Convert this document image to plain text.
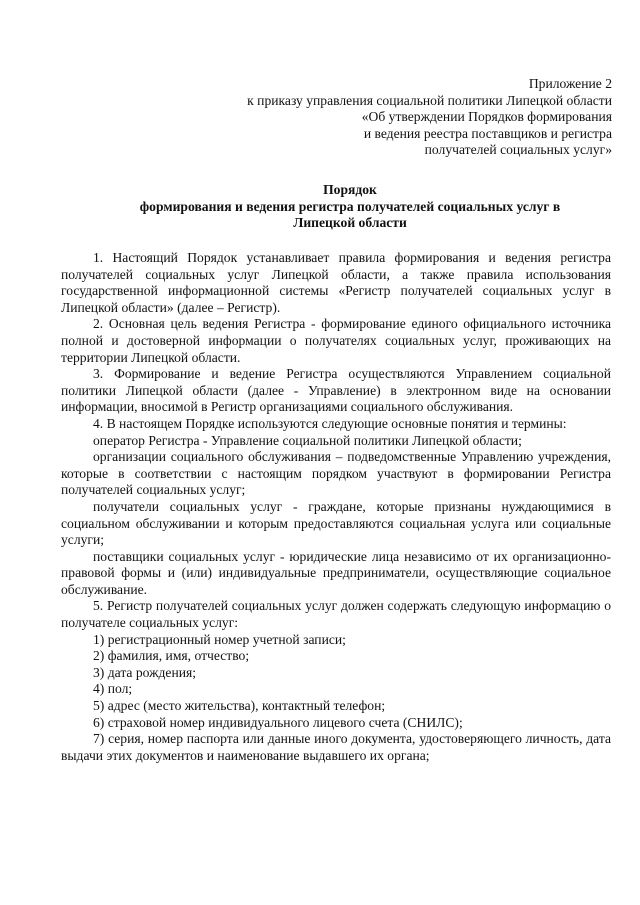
Приложение 2
к приказу управления социальной политики Липецкой области
«Об утверждении Порядков формирования
и ведения реестра поставщиков и регистра
получателей социальных услуг»
Порядок
формирования и ведения регистра получателей социальных услуг в
Липецкой области

1. Настоящий Порядок устанавливает правила формирования и ведения регистра получателей социальных услуг Липецкой области, а также правила использования государственной информационной системы «Регистр получателей социальных услуг в Липецкой области» (далее – Регистр).

2. Основная цель ведения Регистра - формирование единого официального источника полной и достоверной информации о получателях социальных услуг, проживающих на территории Липецкой области.

3. Формирование и ведение Регистра осуществляются Управлением социальной политики Липецкой области (далее - Управление) в электронном виде на основании информации, вносимой в Регистр организациями социального обслуживания.

4. В настоящем Порядке используются следующие основные понятия и термины:

оператор Регистра - Управление социальной политики Липецкой области;

организации социального обслуживания – подведомственные Управлению учреждения, которые в соответствии с настоящим порядком участвуют в формировании Регистра получателей социальных услуг;

получатели социальных услуг - граждане, которые признаны нуждающимися в социальном обслуживании и которым предоставляются социальная услуга или социальные услуги;

поставщики социальных услуг - юридические лица независимо от их организационно-правовой формы и (или) индивидуальные предприниматели, осуществляющие социальное обслуживание.

5. Регистр получателей социальных услуг должен содержать следующую информацию о получателе социальных услуг:

1) регистрационный номер учетной записи;

2) фамилия, имя, отчество;

3) дата рождения;

4) пол;

5) адрес (место жительства), контактный телефон;

6) страховой номер индивидуального лицевого счета (СНИЛС);

7) серия, номер паспорта или данные иного документа, удостоверяющего личность, дата выдачи этих документов и наименование выдавшего их органа;
